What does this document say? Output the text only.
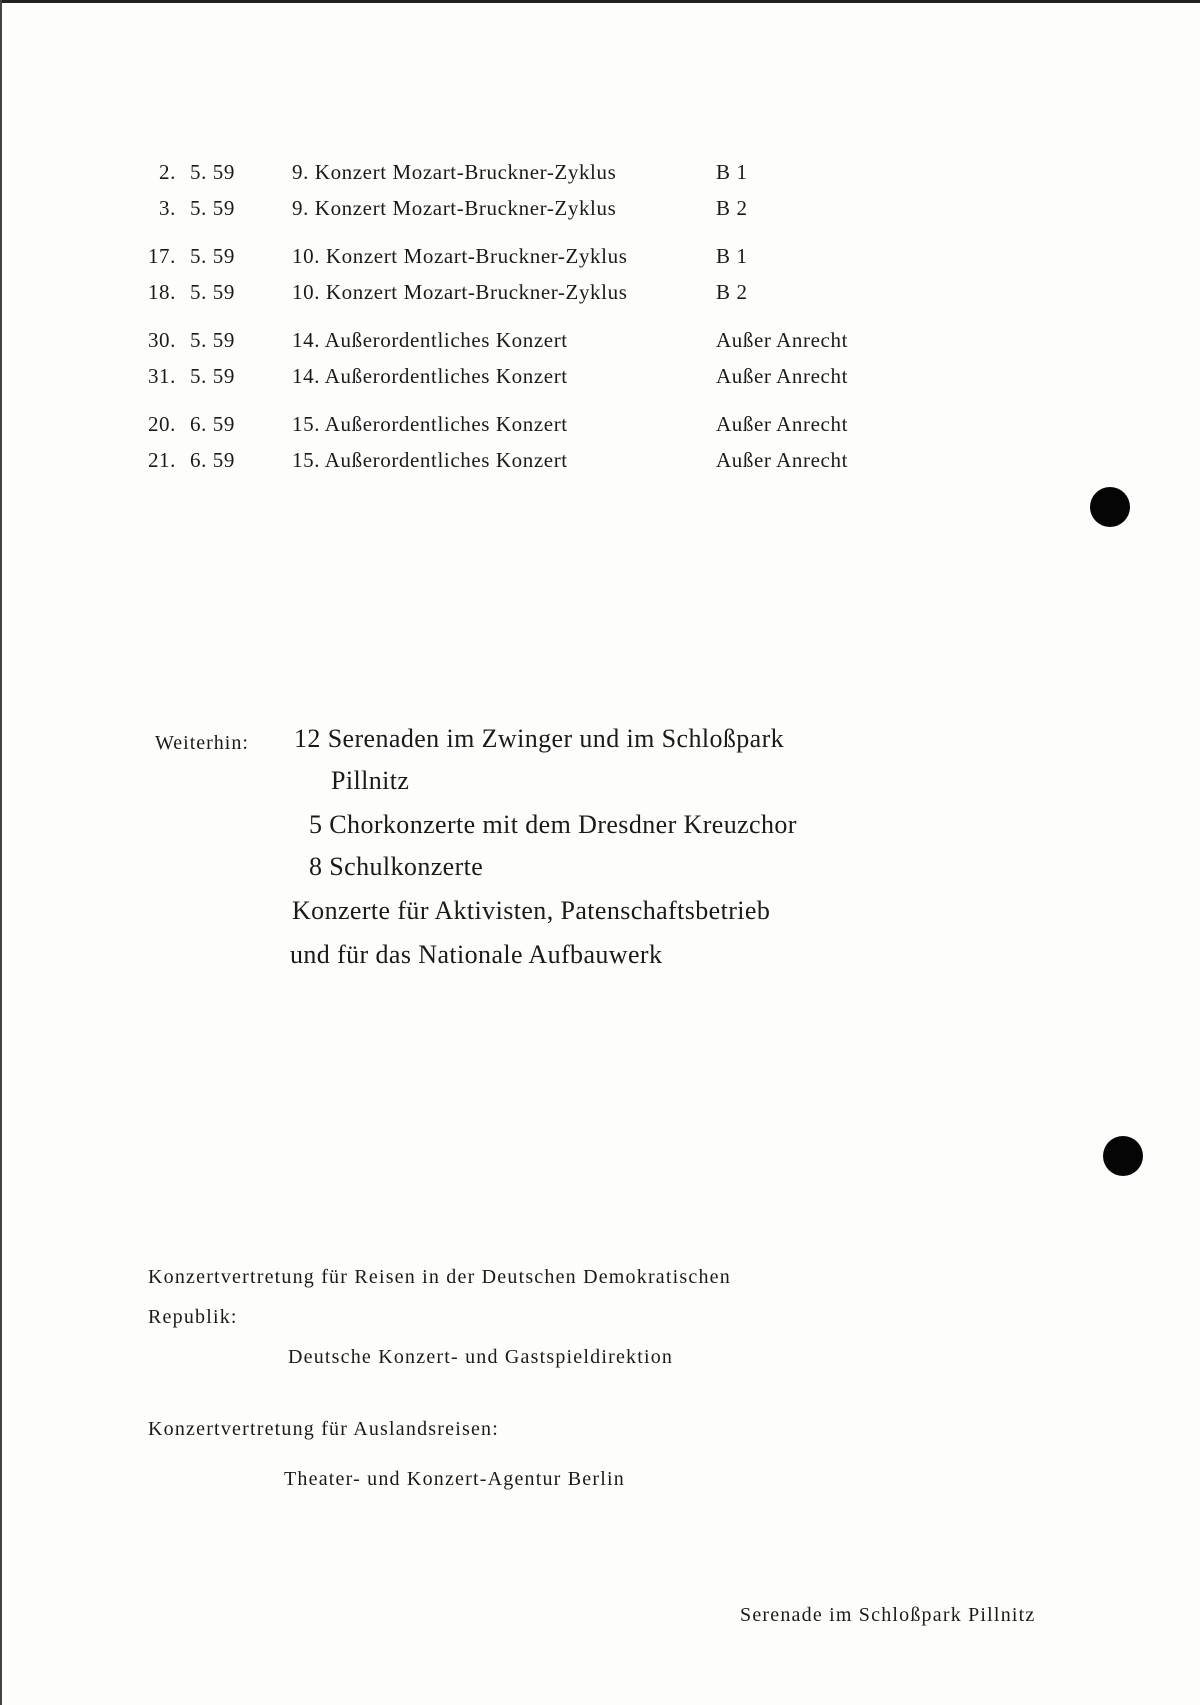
2. 5. 59	9. Konzert Mozart-Bruckner-Zyklus	B 1
3. 5. 59	9. Konzert Mozart-Bruckner-Zyklus	B 2
17. 5. 59	10. Konzert Mozart-Bruckner-Zyklus	B 1
18. 5. 59	10. Konzert Mozart-Bruckner-Zyklus	B 2
30. 5. 59	14. Außerordentliches Konzert	Außer Anrecht
31. 5. 59	14. Außerordentliches Konzert	Außer Anrecht
20. 6. 59	15. Außerordentliches Konzert	Außer Anrecht
21. 6. 59	15. Außerordentliches Konzert	Außer Anrecht
Weiterhin: 12 Serenaden im Zwinger und im Schloßpark
Pillnitz
5 Chorkonzerte mit dem Dresdner Kreuzchor
8 Schulkonzerte
Konzerte für Aktivisten, Patenschaftsbetrieb
und für das Nationale Aufbauwerk
Konzertvertretung für Reisen in der Deutschen Demokratischen
Republik:
Deutsche Konzert- und Gastspieldirektion
Konzertvertretung für Auslandsreisen:
Theater- und Konzert-Agentur Berlin
Serenade im Schloßpark Pillnitz
